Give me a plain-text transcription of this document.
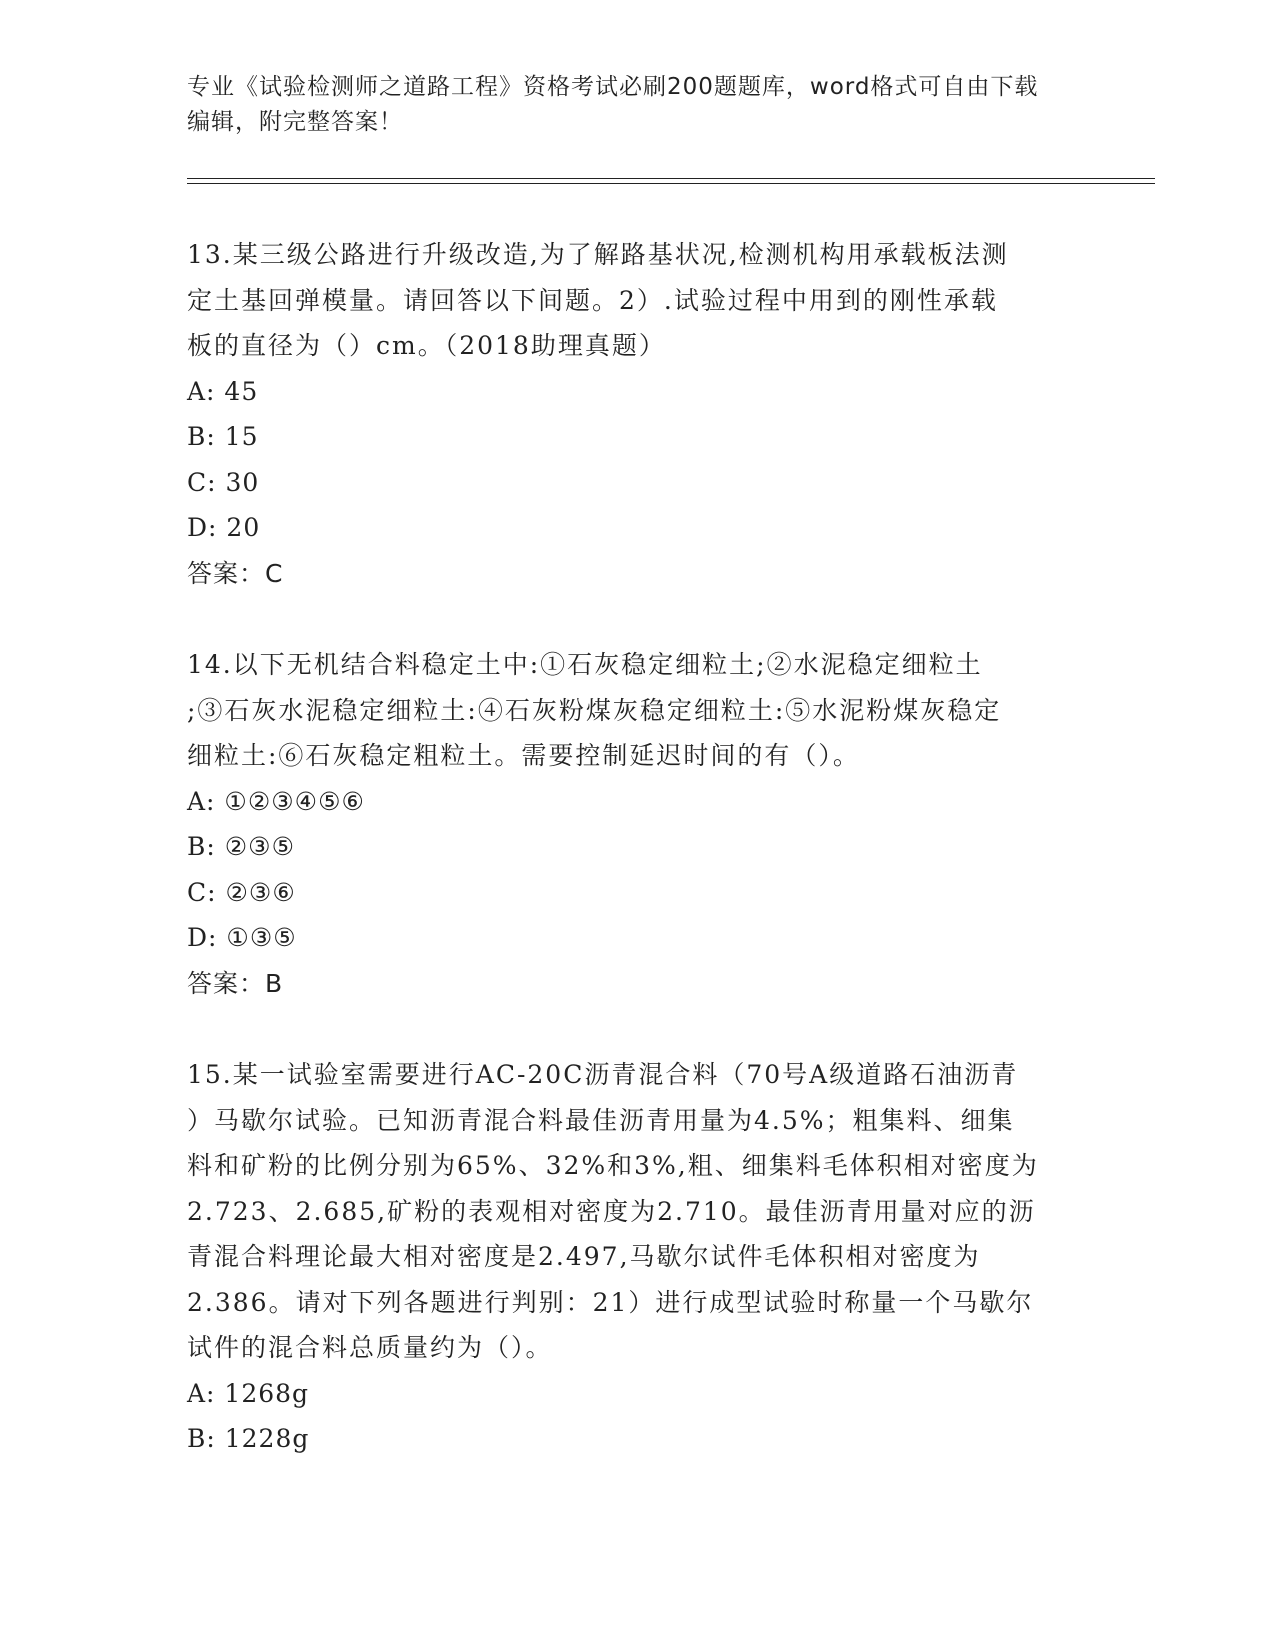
专业《试验检测师之道路工程》资格考试必刷200题题库，word格式可自由下载
编辑，附完整答案！
13.某三级公路进行升级改造,为了解路基状况,检测机构用承载板法测
定土基回弹模量。请回答以下间题。2）.试验过程中用到的刚性承载
板的直径为（）cm。（2018助理真题）
A: 45
B: 15
C: 30
D: 20
答案：C
14.以下无机结合料稳定土中:①石灰稳定细粒土;②水泥稳定细粒土
;③石灰水泥稳定细粒土:④石灰粉煤灰稳定细粒土:⑤水泥粉煤灰稳定
细粒土:⑥石灰稳定粗粒土。需要控制延迟时间的有（）。
A: ①②③④⑤⑥
B: ②③⑤
C: ②③⑥
D: ①③⑤
答案：B
15.某一试验室需要进行AC-20C沥青混合料（70号A级道路石油沥青
）马歇尔试验。已知沥青混合料最佳沥青用量为4.5%；粗集料、细集
料和矿粉的比例分别为65%、32%和3%,粗、细集料毛体积相对密度为
2.723、2.685,矿粉的表观相对密度为2.710。最佳沥青用量对应的沥
青混合料理论最大相对密度是2.497,马歇尔试件毛体积相对密度为
2.386。请对下列各题进行判别：21）进行成型试验时称量一个马歇尔
试件的混合料总质量约为（）。
A: 1268g
B: 1228g
